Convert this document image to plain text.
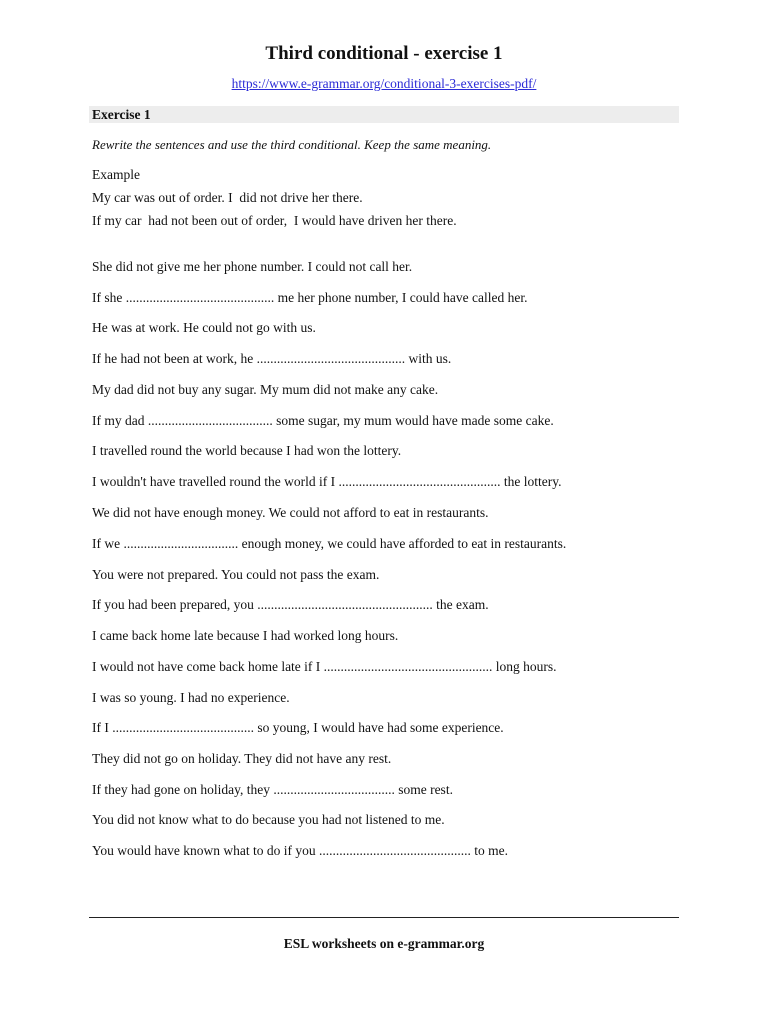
Third conditional - exercise 1
https://www.e-grammar.org/conditional-3-exercises-pdf/
Exercise 1
Rewrite the sentences and use the third conditional. Keep the same meaning.
Example
My car was out of order. I  did not drive her there.
If my car  had not been out of order,  I would have driven her there.
She did not give me her phone number. I could not call her.
If she ............................................ me her phone number, I could have called her.
He was at work. He could not go with us.
If he had not been at work, he ............................................ with us.
My dad did not buy any sugar. My mum did not make any cake.
If my dad ..................................... some sugar, my mum would have made some cake.
I travelled round the world because I had won the lottery.
I wouldn't have travelled round the world if I ................................................ the lottery.
We did not have enough money. We could not afford to eat in restaurants.
If we .................................. enough money, we could have afforded to eat in restaurants.
You were not prepared. You could not pass the exam.
If you had been prepared, you .................................................... the exam.
I came back home late because I had worked long hours.
I would not have come back home late if I .................................................. long hours.
I was so young. I had no experience.
If I .......................................... so young, I would have had some experience.
They did not go on holiday. They did not have any rest.
If they had gone on holiday, they .................................... some rest.
You did not know what to do because you had not listened to me.
You would have known what to do if you ............................................. to me.
ESL worksheets on e-grammar.org
